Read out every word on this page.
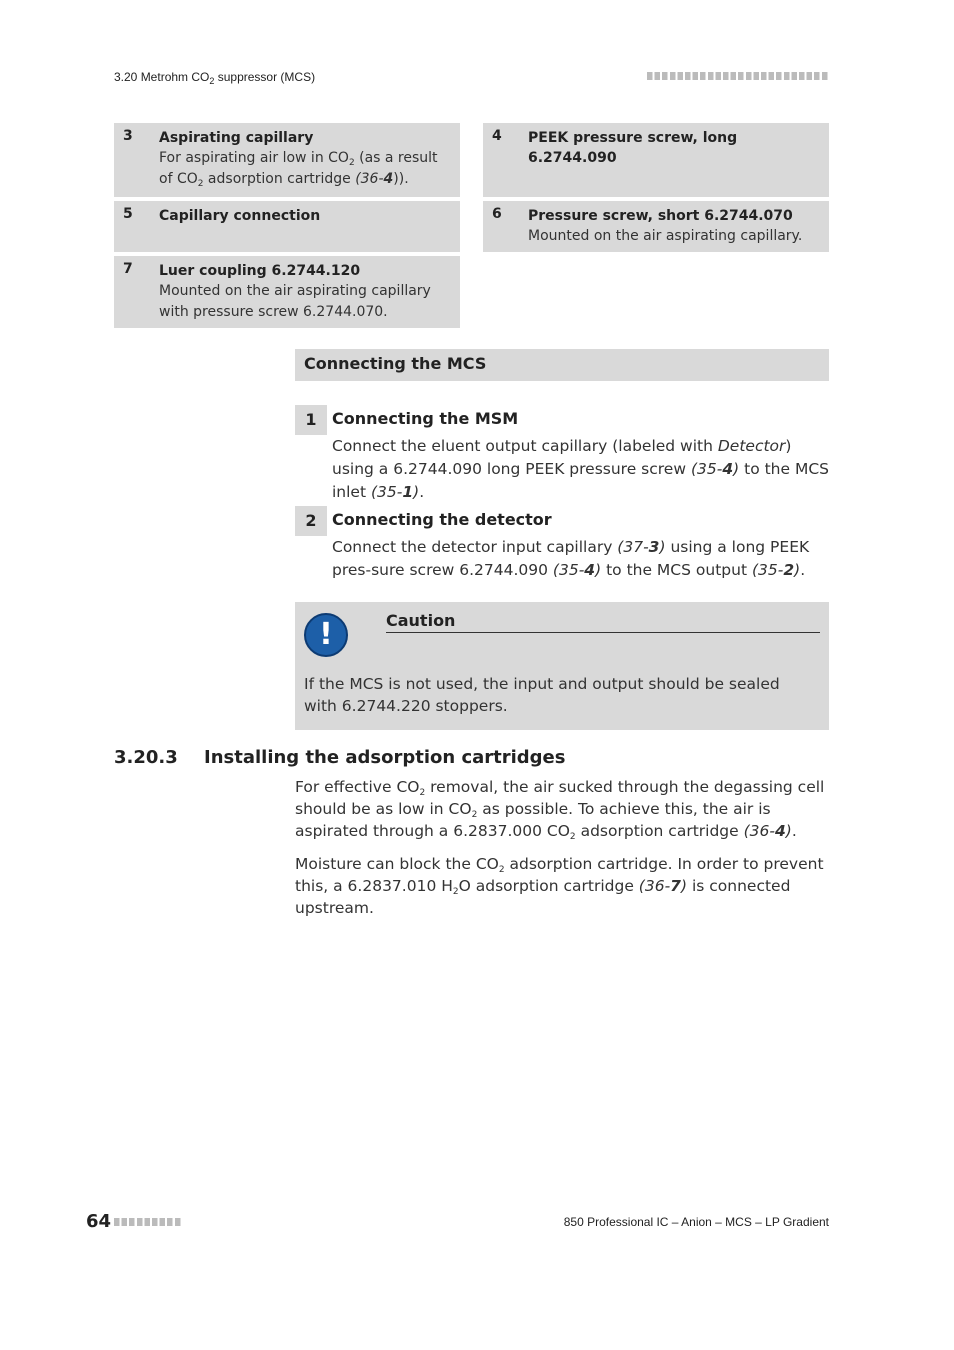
3.20 Metrohm $CO_2$ suppressor (MCS)
3 Aspirating capillary
For aspirating air low in $CO_2$ (as a result of $CO_2$ adsorption cartridge (36-4)).
4 PEEK pressure screw, long 6.2744.090
5 Capillary connection	6 Pressure screw, short 6.2744.070
Mounted on the air aspirating capillary.
7 Luer coupling 6.2744.120
Mounted on the air aspirating capillary with pressure screw 6.2744.070.
Connecting the MCS
1 Connecting the MSM
Connect the eluent output capillary (labeled with Detector) using a 6.2744.090 long PEEK pressure screw (35-4) to the MCS inlet (35-1).
2 Connecting the detector
Connect the detector input capillary (37-3) using a long PEEK pres-sure screw 6.2744.090 (35-4) to the MCS output (35-2).
!	Caution
If the MCS is not used, the input and output should be sealed with 6.2744.220 stoppers.
3.20.3 Installing the adsorption cartridges
For effective $CO_2$ removal, the air sucked through the degassing cell should be as low in $CO_2$ as possible. To achieve this, the air is aspirated through a 6.2837.000 $CO_2$ adsorption cartridge (36-4).
Moisture can block the $CO_2$ adsorption cartridge. In order to prevent this, a 6.2837.010 $H_2O$ adsorption cartridge (36-7) is connected upstream.
64	850 Professional IC – Anion – MCS – LP Gradient
